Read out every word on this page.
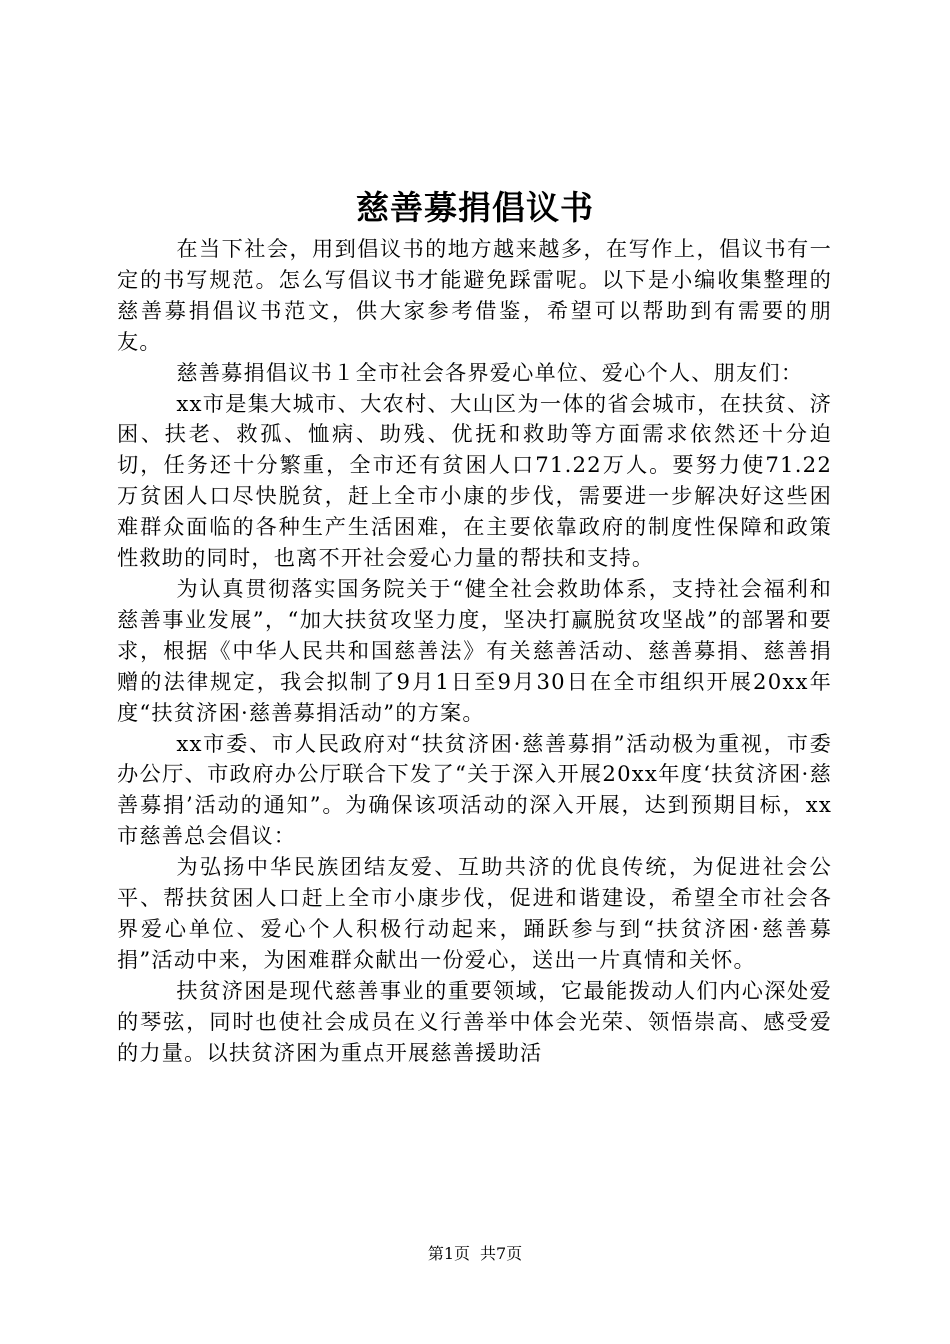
慈善募捐倡议书

在当下社会，用到倡议书的地方越来越多，在写作上，倡议书有一定的书写规范。怎么写倡议书才能避免踩雷呢。以下是小编收集整理的慈善募捐倡议书范文，供大家参考借鉴，希望可以帮助到有需要的朋友。

慈善募捐倡议书１全市社会各界爱心单位、爱心个人、朋友们：

xx市是集大城市、大农村、大山区为一体的省会城市，在扶贫、济困、扶老、救孤、恤病、助残、优抚和救助等方面需求依然还十分迫切，任务还十分繁重，全市还有贫困人口71.22万人。要努力使71.22万贫困人口尽快脱贫，赶上全市小康的步伐，需要进一步解决好这些困难群众面临的各种生产生活困难，在主要依靠政府的制度性保障和政策性救助的同时，也离不开社会爱心力量的帮扶和支持。

为认真贯彻落实国务院关于“健全社会救助体系，支持社会福利和慈善事业发展”，“加大扶贫攻坚力度，坚决打赢脱贫攻坚战”的部署和要求，根据《中华人民共和国慈善法》有关慈善活动、慈善募捐、慈善捐赠的法律规定，我会拟制了9月1日至9月30日在全市组织开展20xx年度“扶贫济困·慈善募捐活动”的方案。

xx市委、市人民政府对“扶贫济困·慈善募捐”活动极为重视，市委办公厅、市政府办公厅联合下发了“关于深入开展20xx年度‘扶贫济困·慈善募捐’活动的通知”。为确保该项活动的深入开展，达到预期目标，xx市慈善总会倡议：

为弘扬中华民族团结友爱、互助共济的优良传统，为促进社会公平、帮扶贫困人口赶上全市小康步伐，促进和谐建设，希望全市社会各界爱心单位、爱心个人积极行动起来，踊跃参与到“扶贫济困·慈善募捐”活动中来，为困难群众献出一份爱心，送出一片真情和关怀。

扶贫济困是现代慈善事业的重要领域，它最能拨动人们内心深处爱的琴弦，同时也使社会成员在义行善举中体会光荣、领悟崇高、感受爱的力量。以扶贫济困为重点开展慈善援助活

第1页 共7页
